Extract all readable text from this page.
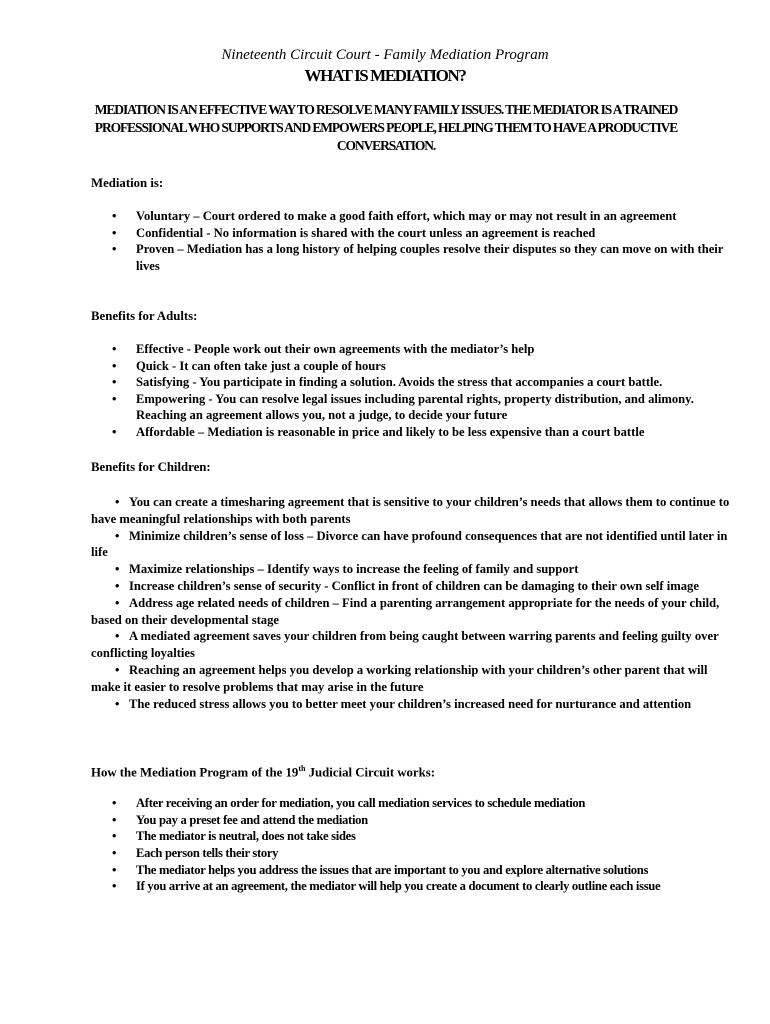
Nineteenth Circuit Court - Family Mediation Program
WHAT IS MEDIATION?
MEDIATION IS AN EFFECTIVE WAY TO RESOLVE MANY FAMILY ISSUES. THE MEDIATOR IS A TRAINED PROFESSIONAL WHO SUPPORTS AND EMPOWERS PEOPLE, HELPING THEM TO HAVE A PRODUCTIVE CONVERSATION.
Mediation is:
• Voluntary – Court ordered to make a good faith effort, which may or may not result in an agreement
• Confidential - No information is shared with the court unless an agreement is reached
• Proven – Mediation has a long history of helping couples resolve their disputes so they can move on with their lives
Benefits for Adults:
• Effective - People work out their own agreements with the mediator’s help
• Quick - It can often take just a couple of hours
• Satisfying - You participate in finding a solution. Avoids the stress that accompanies a court battle.
• Empowering - You can resolve legal issues including parental rights, property distribution, and alimony. Reaching an agreement allows you, not a judge, to decide your future
• Affordable – Mediation is reasonable in price and likely to be less expensive than a court battle
Benefits for Children:

• You can create a timesharing agreement that is sensitive to your children’s needs that allows them to continue to have meaningful relationships with both parents

• Minimize children’s sense of loss – Divorce can have profound consequences that are not identified until later in life

• Maximize relationships – Identify ways to increase the feeling of family and support

• Increase children’s sense of security - Conflict in front of children can be damaging to their own self image

• Address age related needs of children – Find a parenting arrangement appropriate for the needs of your child, based on their developmental stage

• A mediated agreement saves your children from being caught between warring parents and feeling guilty over conflicting loyalties

• Reaching an agreement helps you develop a working relationship with your children’s other parent that will make it easier to resolve problems that may arise in the future

• The reduced stress allows you to better meet your children’s increased need for nurturance and attention

How the Mediation Program of the 19th Judicial Circuit works:
• After receiving an order for mediation, you call mediation services to schedule mediation
• You pay a preset fee and attend the mediation
• The mediator is neutral, does not take sides
• Each person tells their story
• The mediator helps you address the issues that are important to you and explore alternative solutions
• If you arrive at an agreement, the mediator will help you create a document to clearly outline each issue
